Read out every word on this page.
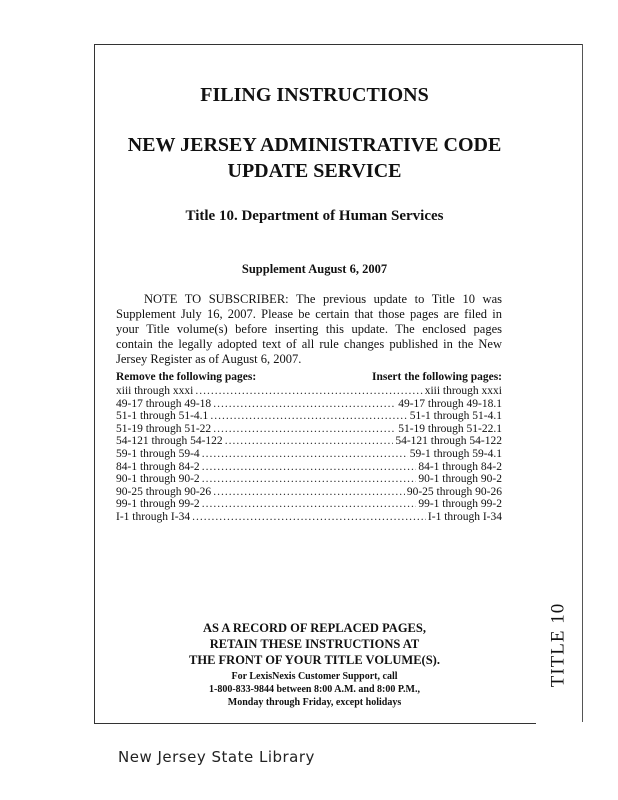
TITLE 10
FILING INSTRUCTIONS
NEW JERSEY ADMINISTRATIVE CODE
UPDATE SERVICE
Title 10. Department of Human Services
Supplement August 6, 2007
NOTE TO SUBSCRIBER: The previous update to Title 10 was Supplement July 16, 2007. Please be certain that those pages are filed in your Title volume(s) before inserting this update. The enclosed pages contain the legally adopted text of all rule changes published in the New Jersey Register as of August 6, 2007.
Remove the following pages:	Insert the following pages:
xiii through xxxi .....	xiii through xxxi
49-17 through 49-18 .....	49-17 through 49-18.1
51-1 through 51-4.1 .....	51-1 through 51-4.1
51-19 through 51-22 .....	51-19 through 51-22.1
54-121 through 54-122 .....	54-121 through 54-122
59-1 through 59-4 .....	59-1 through 59-4.1
84-1 through 84-2 .....	84-1 through 84-2
90-1 through 90-2 .....	90-1 through 90-2
90-25 through 90-26 .....	90-25 through 90-26
99-1 through 99-2 .....	99-1 through 99-2
I-1 through I-34 .....	I-1 through I-34
AS A RECORD OF REPLACED PAGES,
RETAIN THESE INSTRUCTIONS AT
THE FRONT OF YOUR TITLE VOLUME(S).
For LexisNexis Customer Support, call
1-800-833-9844 between 8:00 A.M. and 8:00 P.M.,
Monday through Friday, except holidays
New Jersey State Library
